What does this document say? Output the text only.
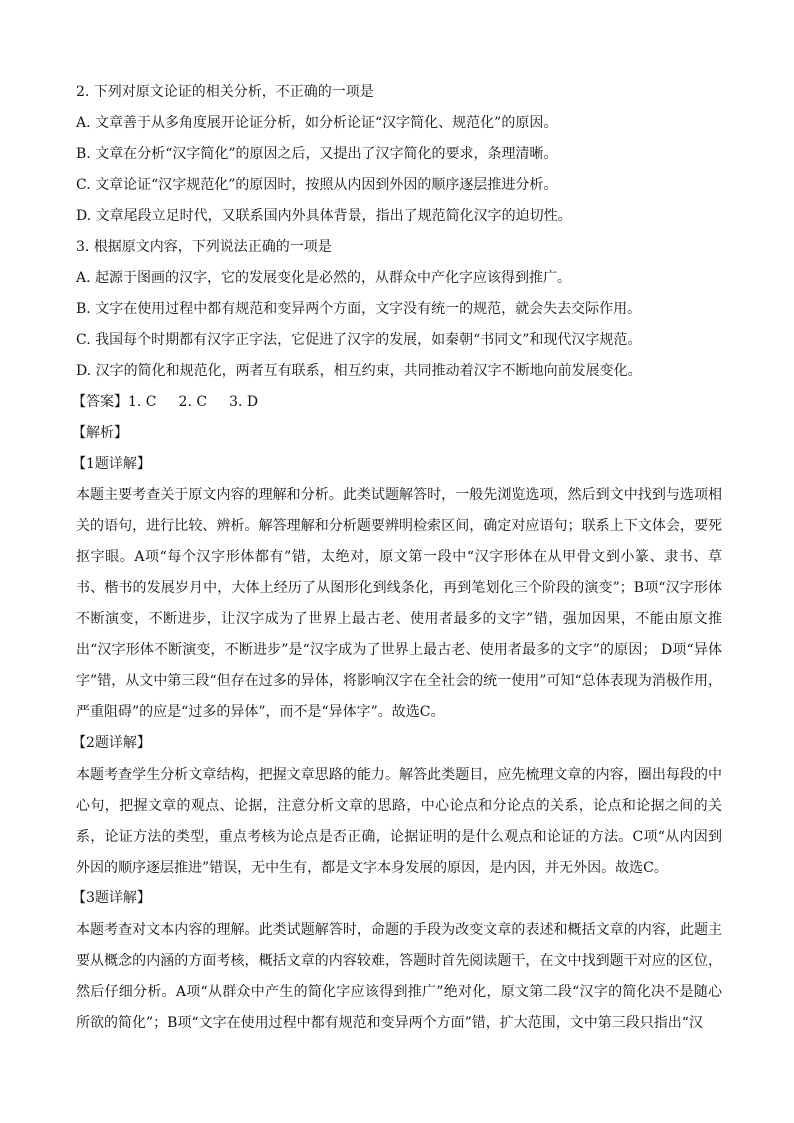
2. 下列对原文论证的相关分析，不正确的一项是
A. 文章善于从多角度展开论证分析，如分析论证“汉字简化、规范化”的原因。
B. 文章在分析“汉字简化”的原因之后，又提出了汉字简化的要求，条理清晰。
C. 文章论证“汉字规范化”的原因时，按照从内因到外因的顺序逐层推进分析。
D. 文章尾段立足时代，又联系国内外具体背景，指出了规范简化汉字的迫切性。
3. 根据原文内容，下列说法正确的一项是
A. 起源于图画的汉字，它的发展变化是必然的，从群众中产化字应该得到推广。
B. 文字在使用过程中都有规范和变异两个方面，文字没有统一的规范，就会失去交际作用。
C. 我国每个时期都有汉字正字法，它促进了汉字的发展，如秦朝“书同文”和现代汉字规范。
D. 汉字的简化和规范化，两者互有联系，相互约束，共同推动着汉字不断地向前发展变化。
【答案】1. C 2. C 3. D
【解析】
【1题详解】
本题主要考查关于原文内容的理解和分析。此类试题解答时，一般先浏览选项，然后到文中找到与选项相关的语句，进行比较、辨析。解答理解和分析题要辨明检索区间，确定对应语句；联系上下文体会，要死抠字眼。A项“每个汉字形体都有”错，太绝对，原文第一段中“汉字形体在从甲骨文到小篆、隶书、草书、楷书的发展岁月中，大体上经历了从图形化到线条化，再到笔划化三个阶段的演变”；B项“汉字形体不断演变，不断进步，让汉字成为了世界上最古老、使用者最多的文字”错，强加因果，不能由原文推出“汉字形体不断演变，不断进步”是“汉字成为了世界上最古老、使用者最多的文字”的原因； D项“异体字”错，从文中第三段“但存在过多的异体，将影响汉字在全社会的统一使用”可知“总体表现为消极作用，严重阻碍”的应是“过多的异体”，而不是“异体字”。故选C。
【2题详解】
本题考查学生分析文章结构，把握文章思路的能力。解答此类题目，应先梳理文章的内容，圈出每段的中心句，把握文章的观点、论据，注意分析文章的思路，中心论点和分论点的关系，论点和论据之间的关系，论证方法的类型，重点考核为论点是否正确，论据证明的是什么观点和论证的方法。C项“从内因到外因的顺序逐层推进”错误，无中生有，都是文字本身发展的原因，是内因，并无外因。故选C。
【3题详解】
本题考查对文本内容的理解。此类试题解答时，命题的手段为改变文章的表述和概括文章的内容，此题主要从概念的内涵的方面考核，概括文章的内容较难，答题时首先阅读题干，在文中找到题干对应的区位，然后仔细分析。A项“从群众中产生的简化字应该得到推广”绝对化，原文第二段“汉字的简化决不是随心所欲的简化”；B项“文字在使用过程中都有规范和变异两个方面”错，扩大范围，文中第三段只指出“汉
